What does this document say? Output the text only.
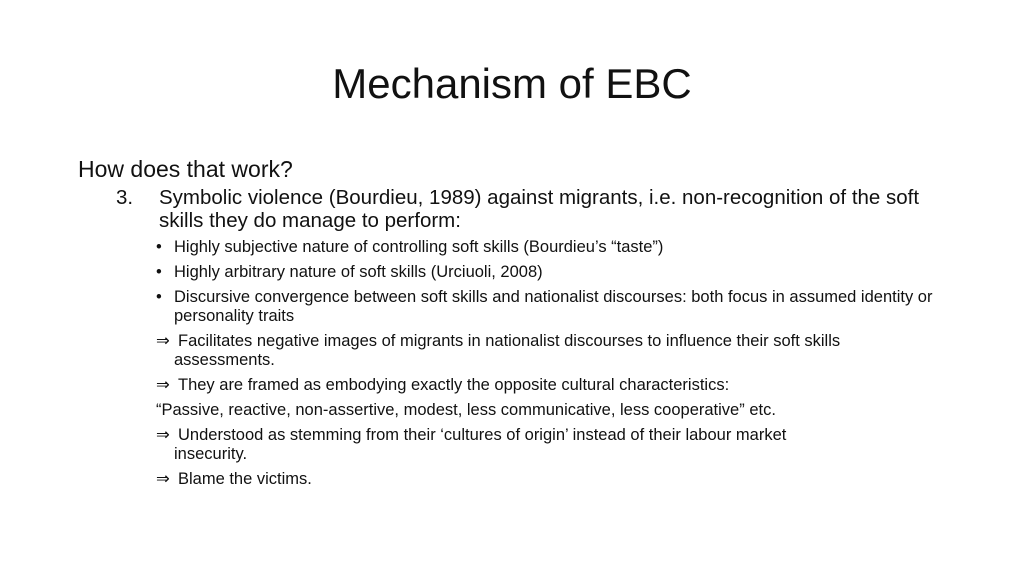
Mechanism of EBC
How does that work?
3. Symbolic violence (Bourdieu, 1989) against migrants, i.e. non-recognition of the soft skills they do manage to perform:
• Highly subjective nature of controlling soft skills (Bourdieu’s “taste”)
• Highly arbitrary nature of soft skills (Urciuoli, 2008)
• Discursive convergence between soft skills and nationalist discourses: both focus in assumed identity or personality traits
⇒ Facilitates negative images of migrants in nationalist discourses to influence their soft skills
assessments.
⇒ They are framed as embodying exactly the opposite cultural characteristics:
“Passive, reactive, non-assertive, modest, less communicative, less cooperative” etc.
⇒ Understood as stemming from their ‘cultures of origin’ instead of their labour market
insecurity.
⇒ Blame the victims.
